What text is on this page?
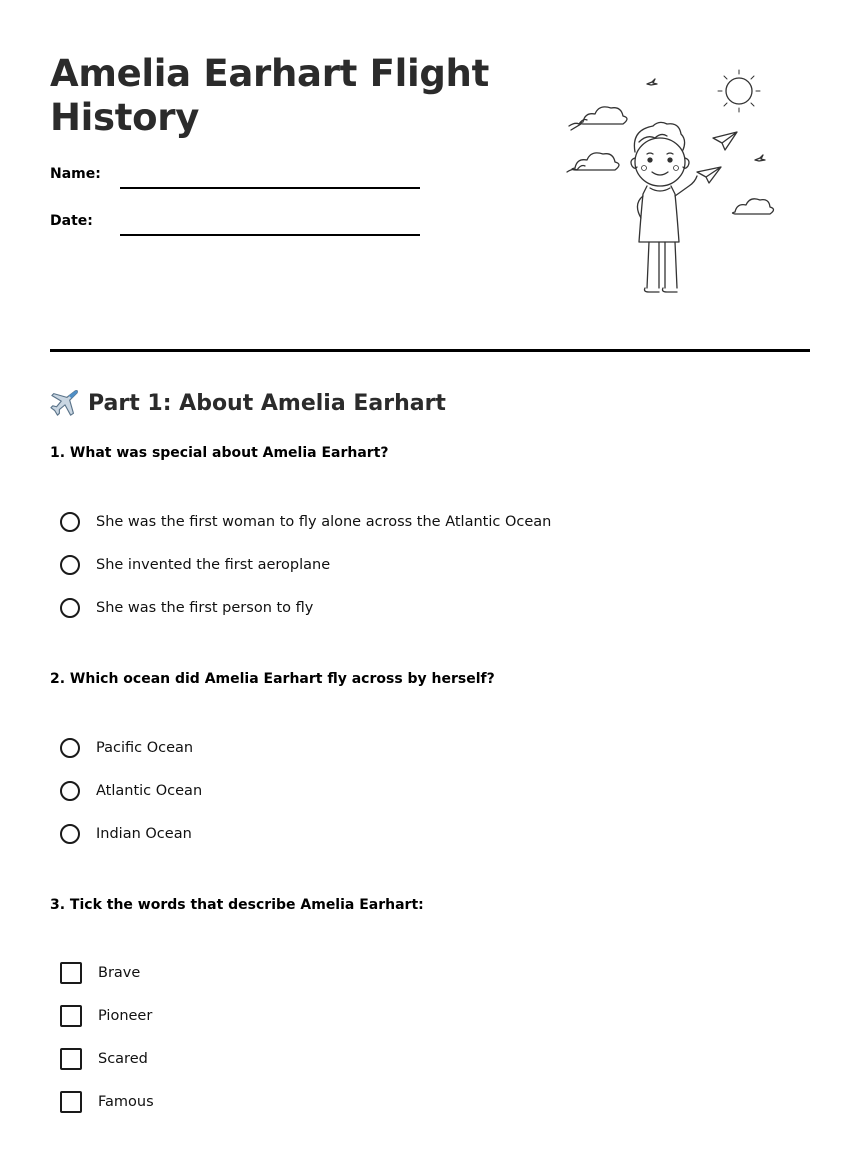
Amelia Earhart Flight History
Name:
Date:
Part 1: About Amelia Earhart
1. What was special about Amelia Earhart?
She was the first woman to fly alone across the Atlantic Ocean
She invented the first aeroplane
She was the first person to fly
2. Which ocean did Amelia Earhart fly across by herself?
Pacific Ocean
Atlantic Ocean
Indian Ocean
3. Tick the words that describe Amelia Earhart:
Brave
Pioneer
Scared
Famous
